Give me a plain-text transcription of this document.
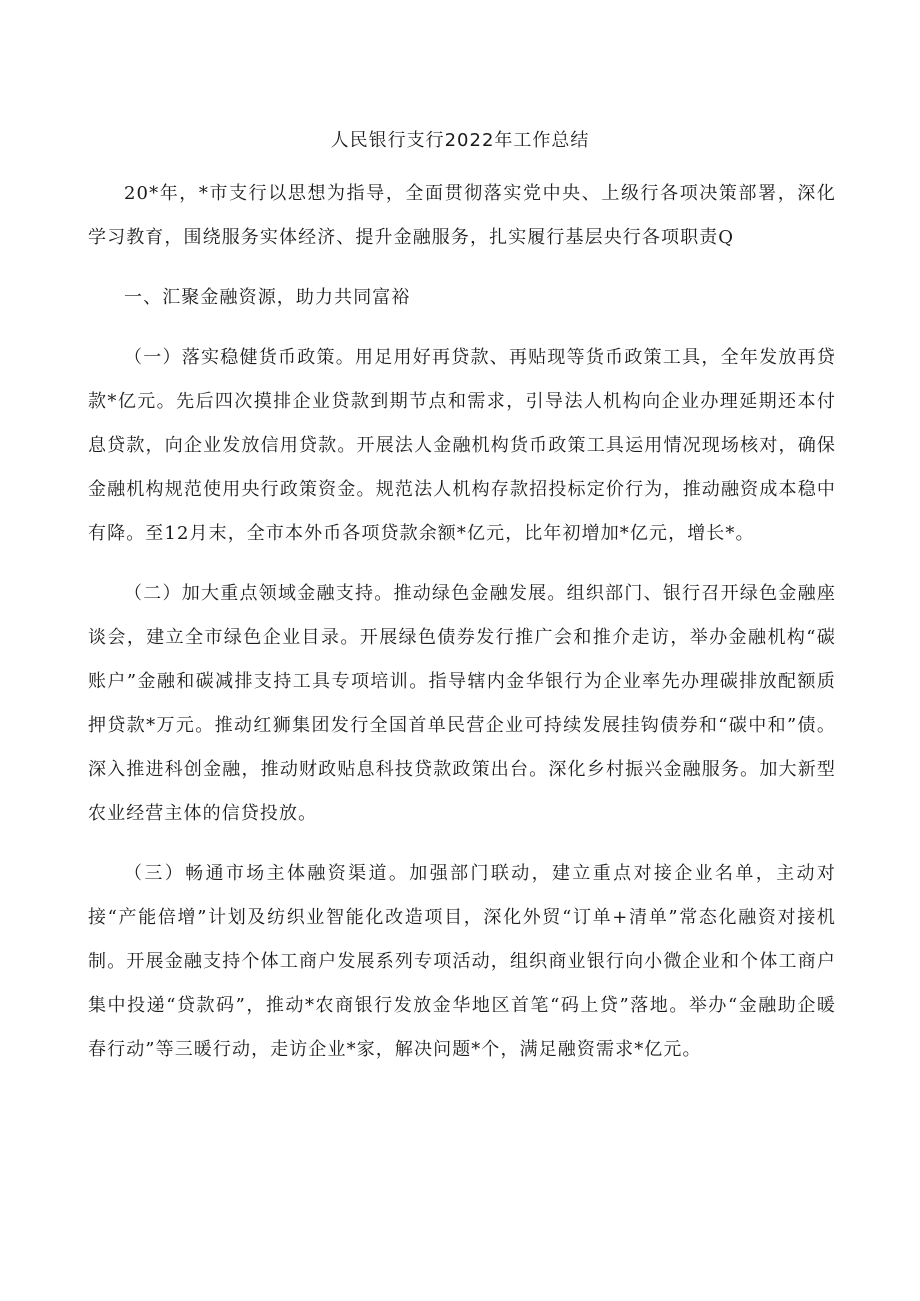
人民银行支行2022年工作总结

20*年，*市支行以思想为指导，全面贯彻落实党中央、上级行各项决策部署，深化学习教育，围绕服务实体经济、提升金融服务，扎实履行基层央行各项职责Q

一、汇聚金融资源，助力共同富裕

（一）落实稳健货币政策。用足用好再贷款、再贴现等货币政策工具，全年发放再贷款*亿元。先后四次摸排企业贷款到期节点和需求，引导法人机构向企业办理延期还本付息贷款，向企业发放信用贷款。开展法人金融机构货币政策工具运用情况现场核对，确保金融机构规范使用央行政策资金。规范法人机构存款招投标定价行为，推动融资成本稳中有降。至12月末，全市本外币各项贷款余额*亿元，比年初增加*亿元，增长*。

（二）加大重点领域金融支持。推动绿色金融发展。组织部门、银行召开绿色金融座谈会，建立全市绿色企业目录。开展绿色债券发行推广会和推介走访，举办金融机构“碳账户”金融和碳减排支持工具专项培训。指导辖内金华银行为企业率先办理碳排放配额质押贷款*万元。推动红狮集团发行全国首单民营企业可持续发展挂钩债券和“碳中和”债。深入推进科创金融，推动财政贴息科技贷款政策出台。深化乡村振兴金融服务。加大新型农业经营主体的信贷投放。

（三）畅通市场主体融资渠道。加强部门联动，建立重点对接企业名单，主动对接“产能倍增”计划及纺织业智能化改造项目，深化外贸“订单+清单”常态化融资对接机制。开展金融支持个体工商户发展系列专项活动，组织商业银行向小微企业和个体工商户集中投递“贷款码”，推动*农商银行发放金华地区首笔“码上贷”落地。举办“金融助企暖春行动”等三暖行动，走访企业*家，解决问题*个，满足融资需求*亿元。
